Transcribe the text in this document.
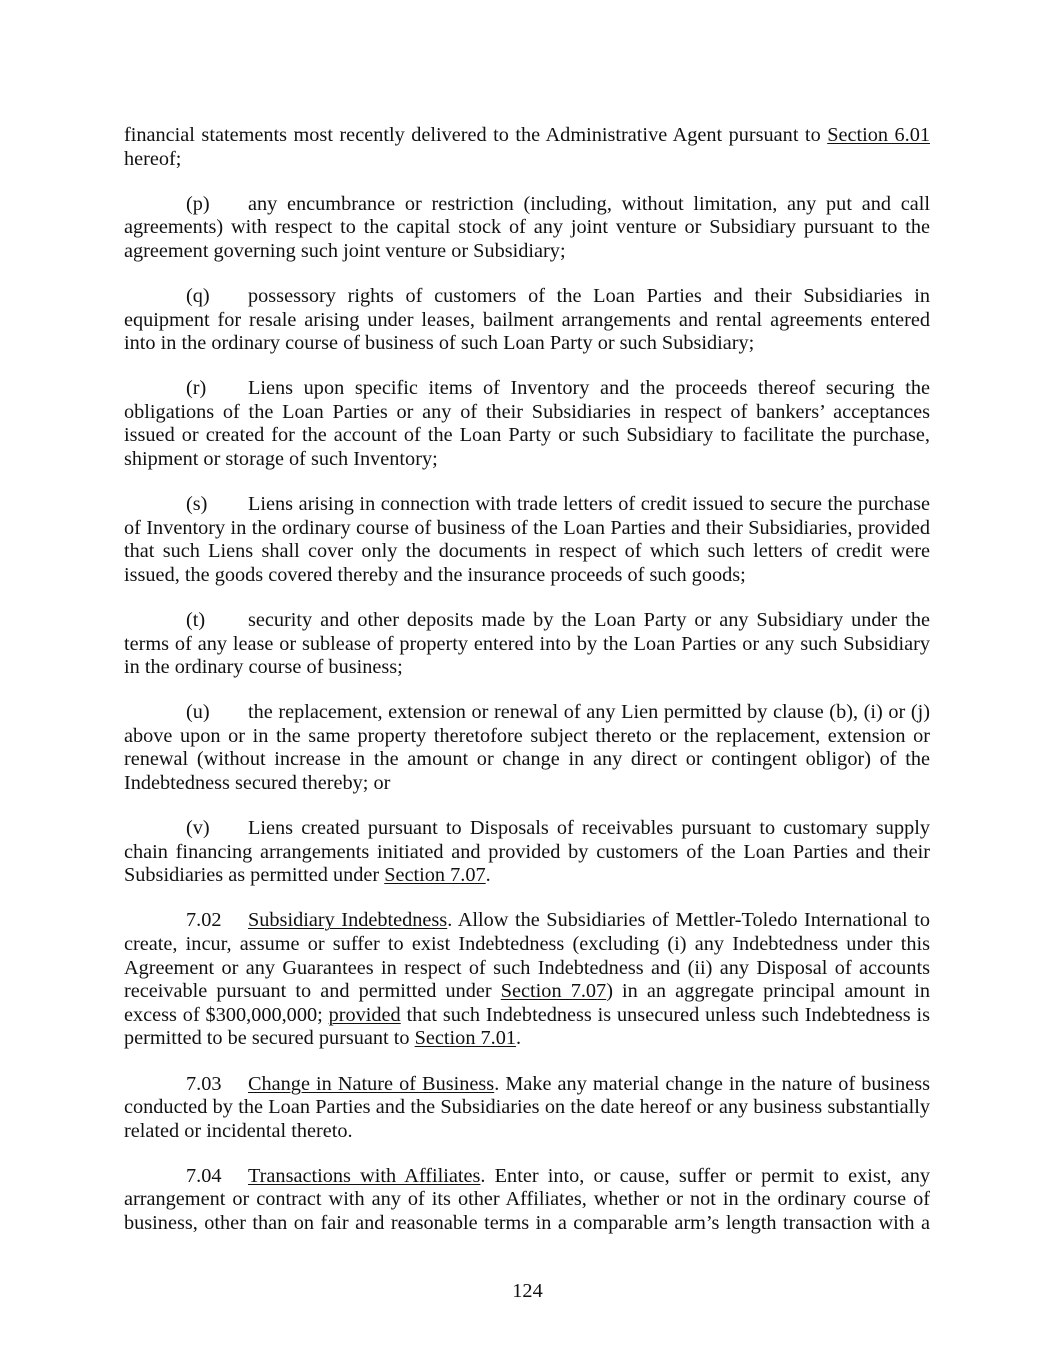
financial statements most recently delivered to the Administrative Agent pursuant to Section 6.01 hereof;

(p) any encumbrance or restriction (including, without limitation, any put and call agreements) with respect to the capital stock of any joint venture or Subsidiary pursuant to the agreement governing such joint venture or Subsidiary;

(q) possessory rights of customers of the Loan Parties and their Subsidiaries in equipment for resale arising under leases, bailment arrangements and rental agreements entered into in the ordinary course of business of such Loan Party or such Subsidiary;

(r) Liens upon specific items of Inventory and the proceeds thereof securing the obligations of the Loan Parties or any of their Subsidiaries in respect of bankers’ acceptances issued or created for the account of the Loan Party or such Subsidiary to facilitate the purchase, shipment or storage of such Inventory;

(s) Liens arising in connection with trade letters of credit issued to secure the purchase of Inventory in the ordinary course of business of the Loan Parties and their Subsidiaries, provided that such Liens shall cover only the documents in respect of which such letters of credit were issued, the goods covered thereby and the insurance proceeds of such goods;

(t) security and other deposits made by the Loan Party or any Subsidiary under the terms of any lease or sublease of property entered into by the Loan Parties or any such Subsidiary in the ordinary course of business;

(u) the replacement, extension or renewal of any Lien permitted by clause (b), (i) or (j) above upon or in the same property theretofore subject thereto or the replacement, extension or renewal (without increase in the amount or change in any direct or contingent obligor) of the Indebtedness secured thereby; or

(v) Liens created pursuant to Disposals of receivables pursuant to customary supply chain financing arrangements initiated and provided by customers of the Loan Parties and their Subsidiaries as permitted under Section 7.07.

7.02 Subsidiary Indebtedness. Allow the Subsidiaries of Mettler-Toledo International to create, incur, assume or suffer to exist Indebtedness (excluding (i) any Indebtedness under this Agreement or any Guarantees in respect of such Indebtedness and (ii) any Disposal of accounts receivable pursuant to and permitted under Section 7.07) in an aggregate principal amount in excess of $300,000,000; provided that such Indebtedness is unsecured unless such Indebtedness is permitted to be secured pursuant to Section 7.01.

7.03 Change in Nature of Business. Make any material change in the nature of business conducted by the Loan Parties and the Subsidiaries on the date hereof or any business substantially related or incidental thereto.

7.04 Transactions with Affiliates. Enter into, or cause, suffer or permit to exist, any arrangement or contract with any of its other Affiliates, whether or not in the ordinary course of business, other than on fair and reasonable terms in a comparable arm’s length transaction with a

124
